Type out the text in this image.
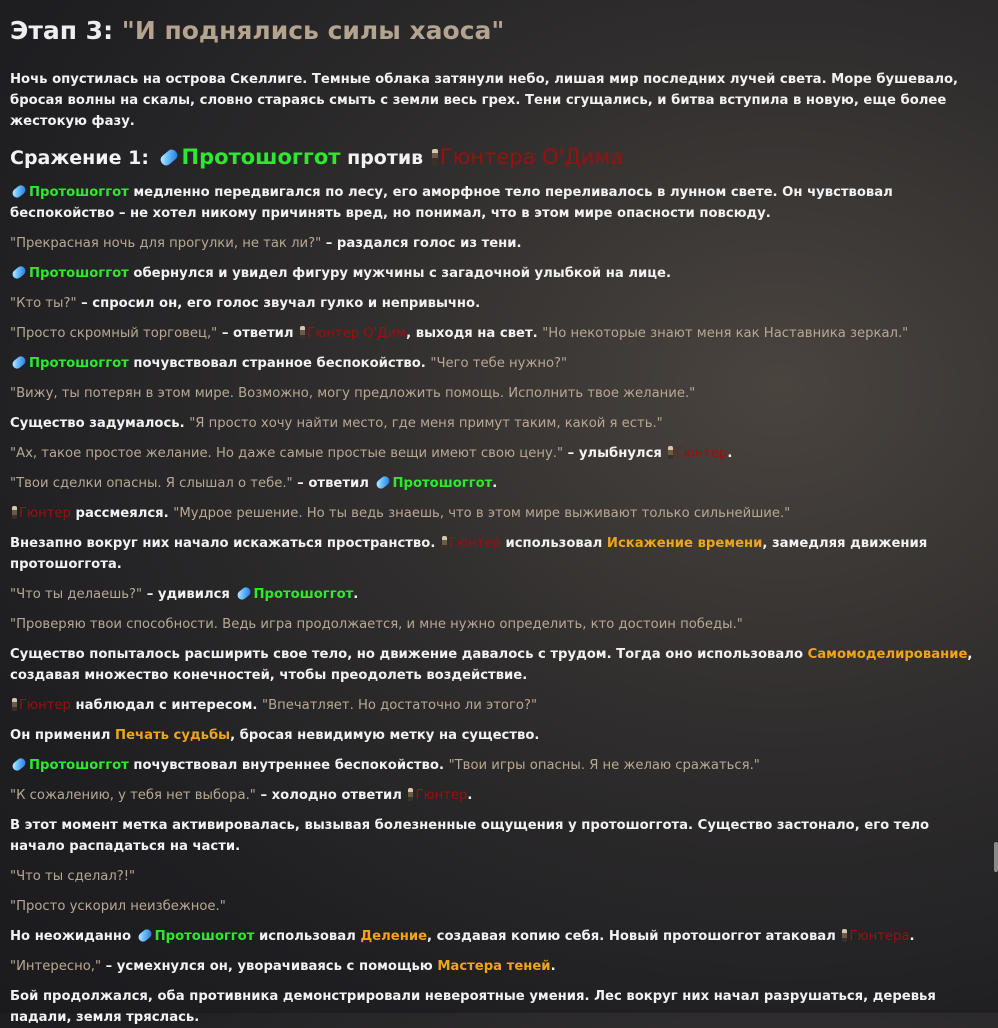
Этап 3: "И поднялись силы хаоса"
Ночь опустилась на острова Скеллиге. Темные облака затянули небо, лишая мир последних лучей света. Море бушевало, бросая волны на скалы, словно стараясь смыть с земли весь грех. Тени сгущались, и битва вступила в новую, еще более жестокую фазу.
Сражение 1: Протошоггот против Гюнтера О'Дима
Протошоггот медленно передвигался по лесу, его аморфное тело переливалось в лунном свете. Он чувствовал беспокойство – не хотел никому причинять вред, но понимал, что в этом мире опасности повсюду.
"Прекрасная ночь для прогулки, не так ли?" – раздался голос из тени.
Протошоггот обернулся и увидел фигуру мужчины с загадочной улыбкой на лице.
"Кто ты?" – спросил он, его голос звучал гулко и непривычно.
"Просто скромный торговец," – ответил Гюнтер О'Дим, выходя на свет. "Но некоторые знают меня как Наставника зеркал."
Протошоггот почувствовал странное беспокойство. "Чего тебе нужно?"
"Вижу, ты потерян в этом мире. Возможно, могу предложить помощь. Исполнить твое желание."
Существо задумалось. "Я просто хочу найти место, где меня примут таким, какой я есть."
"Ах, такое простое желание. Но даже самые простые вещи имеют свою цену." – улыбнулся Гюнтер.
"Твои сделки опасны. Я слышал о тебе." – ответил Протошоггот.
Гюнтер рассмеялся. "Мудрое решение. Но ты ведь знаешь, что в этом мире выживают только сильнейшие."
Внезапно вокруг них начало искажаться пространство. Гюнтер использовал Искажение времени, замедляя движения протошоггота.
"Что ты делаешь?" – удивился Протошоггот.
"Проверяю твои способности. Ведь игра продолжается, и мне нужно определить, кто достоин победы."
Существо попыталось расширить свое тело, но движение давалось с трудом. Тогда оно использовало Самомоделирование, создавая множество конечностей, чтобы преодолеть воздействие.
Гюнтер наблюдал с интересом. "Впечатляет. Но достаточно ли этого?"
Он применил Печать судьбы, бросая невидимую метку на существо.
Протошоггот почувствовал внутреннее беспокойство. "Твои игры опасны. Я не желаю сражаться."
"К сожалению, у тебя нет выбора." – холодно ответил Гюнтер.
В этот момент метка активировалась, вызывая болезненные ощущения у протошоггота. Существо застонало, его тело начало распадаться на части.
"Что ты сделал?!"
"Просто ускорил неизбежное."
Но неожиданно Протошоггот использовал Деление, создавая копию себя. Новый протошоггот атаковал Гюнтера.
"Интересно," – усмехнулся он, уворачиваясь с помощью Мастера теней.
Бой продолжался, оба противника демонстрировали невероятные умения. Лес вокруг них начал разрушаться, деревья падали, земля тряслась.
